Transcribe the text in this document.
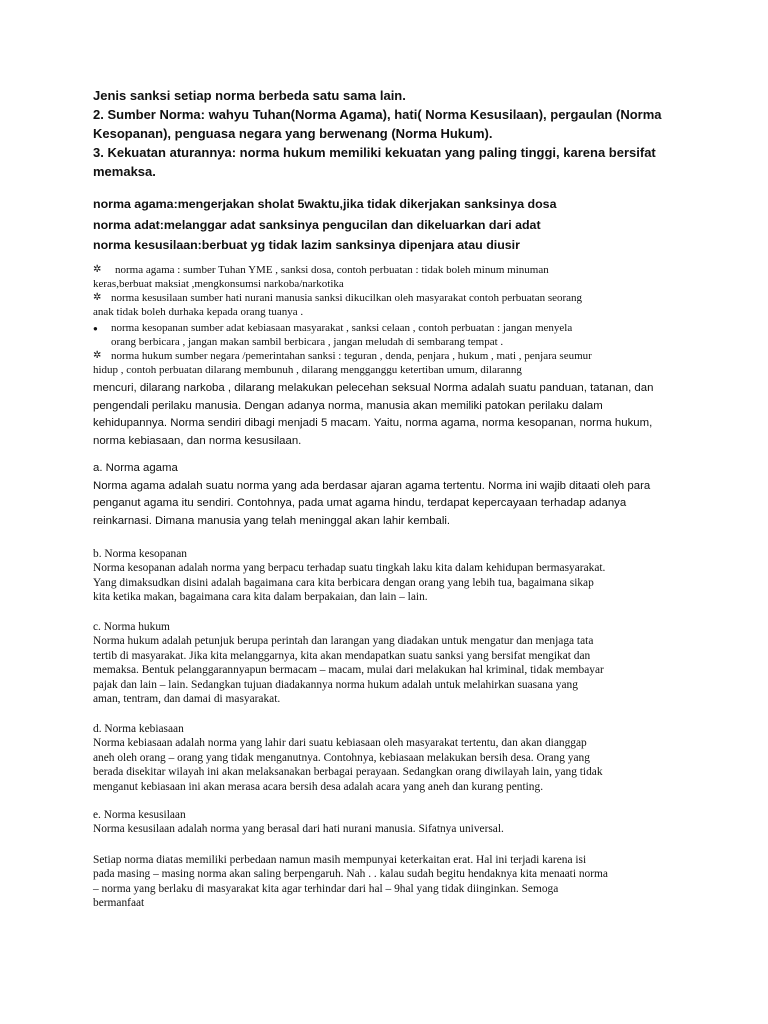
Jenis sanksi setiap norma berbeda satu sama lain.
2. Sumber Norma: wahyu Tuhan(Norma Agama), hati( Norma Kesusilaan), pergaulan (Norma
Kesopanan), penguasa negara yang berwenang (Norma Hukum).
3. Kekuatan aturannya: norma hukum memiliki kekuatan yang paling tinggi, karena bersifat
memaksa.
norma agama:mengerjakan sholat 5waktu,jika tidak dikerjakan sanksinya dosa
norma adat:melanggar adat sanksinya pengucilan dan dikeluarkan dari adat
norma kesusilaan:berbuat yg tidak lazim sanksinya dipenjara atau diusir
✲	norma agama : sumber Tuhan YME , sanksi dosa, contoh perbuatan : tidak boleh minum minuman
keras,berbuat maksiat ,mengkonsumsi narkoba/narkotika
✲ norma kesusilaan sumber hati nurani manusia sanksi dikucilkan oleh masyarakat contoh perbuatan seorang
anak tidak boleh durhaka kepada orang tuanya .
● norma kesopanan sumber adat kebiasaan masyarakat , sanksi celaan , contoh perbuatan : jangan menyela
orang berbicara , jangan makan sambil berbicara , jangan meludah di sembarang tempat .
✲ norma hukum sumber negara /pemerintahan sanksi : teguran , denda, penjara , hukum , mati , penjara seumur
hidup , contoh perbuatan dilarang membunuh , dilarang mengganggu ketertiban umum, dilaranng
mencuri, dilarang narkoba , dilarang melakukan pelecehan seksual Norma adalah suatu panduan, tatanan, dan
pengendali perilaku manusia. Dengan adanya norma, manusia akan memiliki patokan perilaku dalam
kehidupannya. Norma sendiri dibagi menjadi 5 macam. Yaitu, norma agama, norma kesopanan, norma hukum,
norma kebiasaan, dan norma kesusilaan.
a. Norma agama
Norma agama adalah suatu norma yang ada berdasar ajaran agama tertentu. Norma ini wajib ditaati oleh para
penganut agama itu sendiri. Contohnya, pada umat agama hindu, terdapat kepercayaan terhadap adanya
reinkarnasi. Dimana manusia yang telah meninggal akan lahir kembali.
b. Norma kesopanan
Norma kesopanan adalah norma yang berpacu terhadap suatu tingkah laku kita dalam kehidupan bermasyarakat.
Yang dimaksudkan disini adalah bagaimana cara kita berbicara dengan orang yang lebih tua, bagaimana sikap
kita ketika makan, bagaimana cara kita dalam berpakaian, dan lain – lain.
c. Norma hukum
Norma hukum adalah petunjuk berupa perintah dan larangan yang diadakan untuk mengatur dan menjaga tata
tertib di masyarakat. Jika kita melanggarnya, kita akan mendapatkan suatu sanksi yang bersifat mengikat dan
memaksa. Bentuk pelanggarannyapun bermacam – macam, mulai dari melakukan hal kriminal, tidak membayar
pajak dan lain – lain. Sedangkan tujuan diadakannya norma hukum adalah untuk melahirkan suasana yang
aman, tentram, dan damai di masyarakat.
d. Norma kebiasaan
Norma kebiasaan adalah norma yang lahir dari suatu kebiasaan oleh masyarakat tertentu, dan akan dianggap
aneh oleh orang – orang yang tidak menganutnya. Contohnya, kebiasaan melakukan bersih desa. Orang yang
berada disekitar wilayah ini akan melaksanakan berbagai perayaan. Sedangkan orang diwilayah lain, yang tidak
menganut kebiasaan ini akan merasa acara bersih desa adalah acara yang aneh dan kurang penting.
e. Norma kesusilaan
Norma kesusilaan adalah norma yang berasal dari hati nurani manusia. Sifatnya universal.
Setiap norma diatas memiliki perbedaan namun masih mempunyai keterkaitan erat. Hal ini terjadi karena isi
pada masing – masing norma akan saling berpengaruh. Nah . . kalau sudah begitu hendaknya kita menaati norma
– norma yang berlaku di masyarakat kita agar terhindar dari hal – 9hal yang tidak diinginkan. Semoga
bermanfaat
